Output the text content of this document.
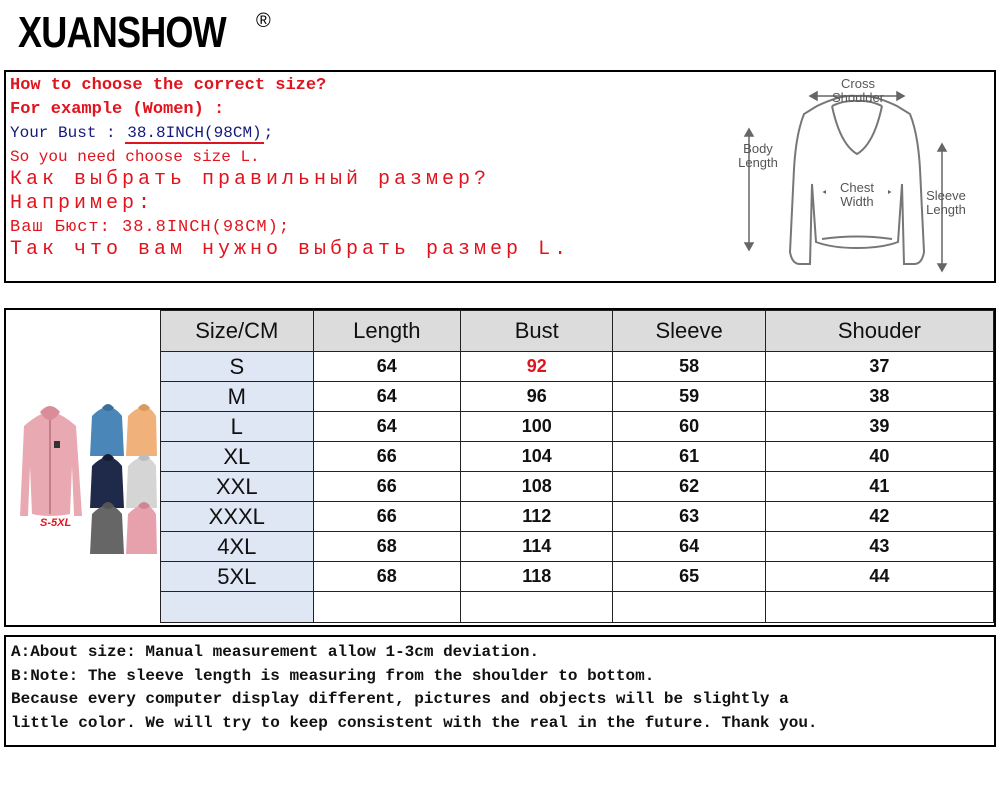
XUANSHOW ®
How to choose the correct size?
For example (Women) :
Your Bust : 38.8INCH(98CM) ;
So you need choose size L.
Как выбрать правильный размер?
Например:
Ваш Бюст: 38.8INCH(98CM);
Так что вам нужно выбрать размер L.
Cross
Shoulder
Body
Length
Chest
Width	Sleeve
Length
S-5XL
Size/CM	Length	Bust	Sleeve	Shouder
S	64	92	58	37
M	64	96	59	38
L	64	100	60	39
XL	66	104	61	40
XXL	66	108	62	41
XXXL	66	112	63	42
4XL	68	114	64	43
5XL	68	118	65	44

A:About size: Manual measurement allow 1-3cm deviation.
B:Note: The sleeve length is measuring from the shoulder to bottom.
Because every computer display different, pictures and objects will be slightly a
little color. We will try to keep consistent with the real in the future. Thank you.
